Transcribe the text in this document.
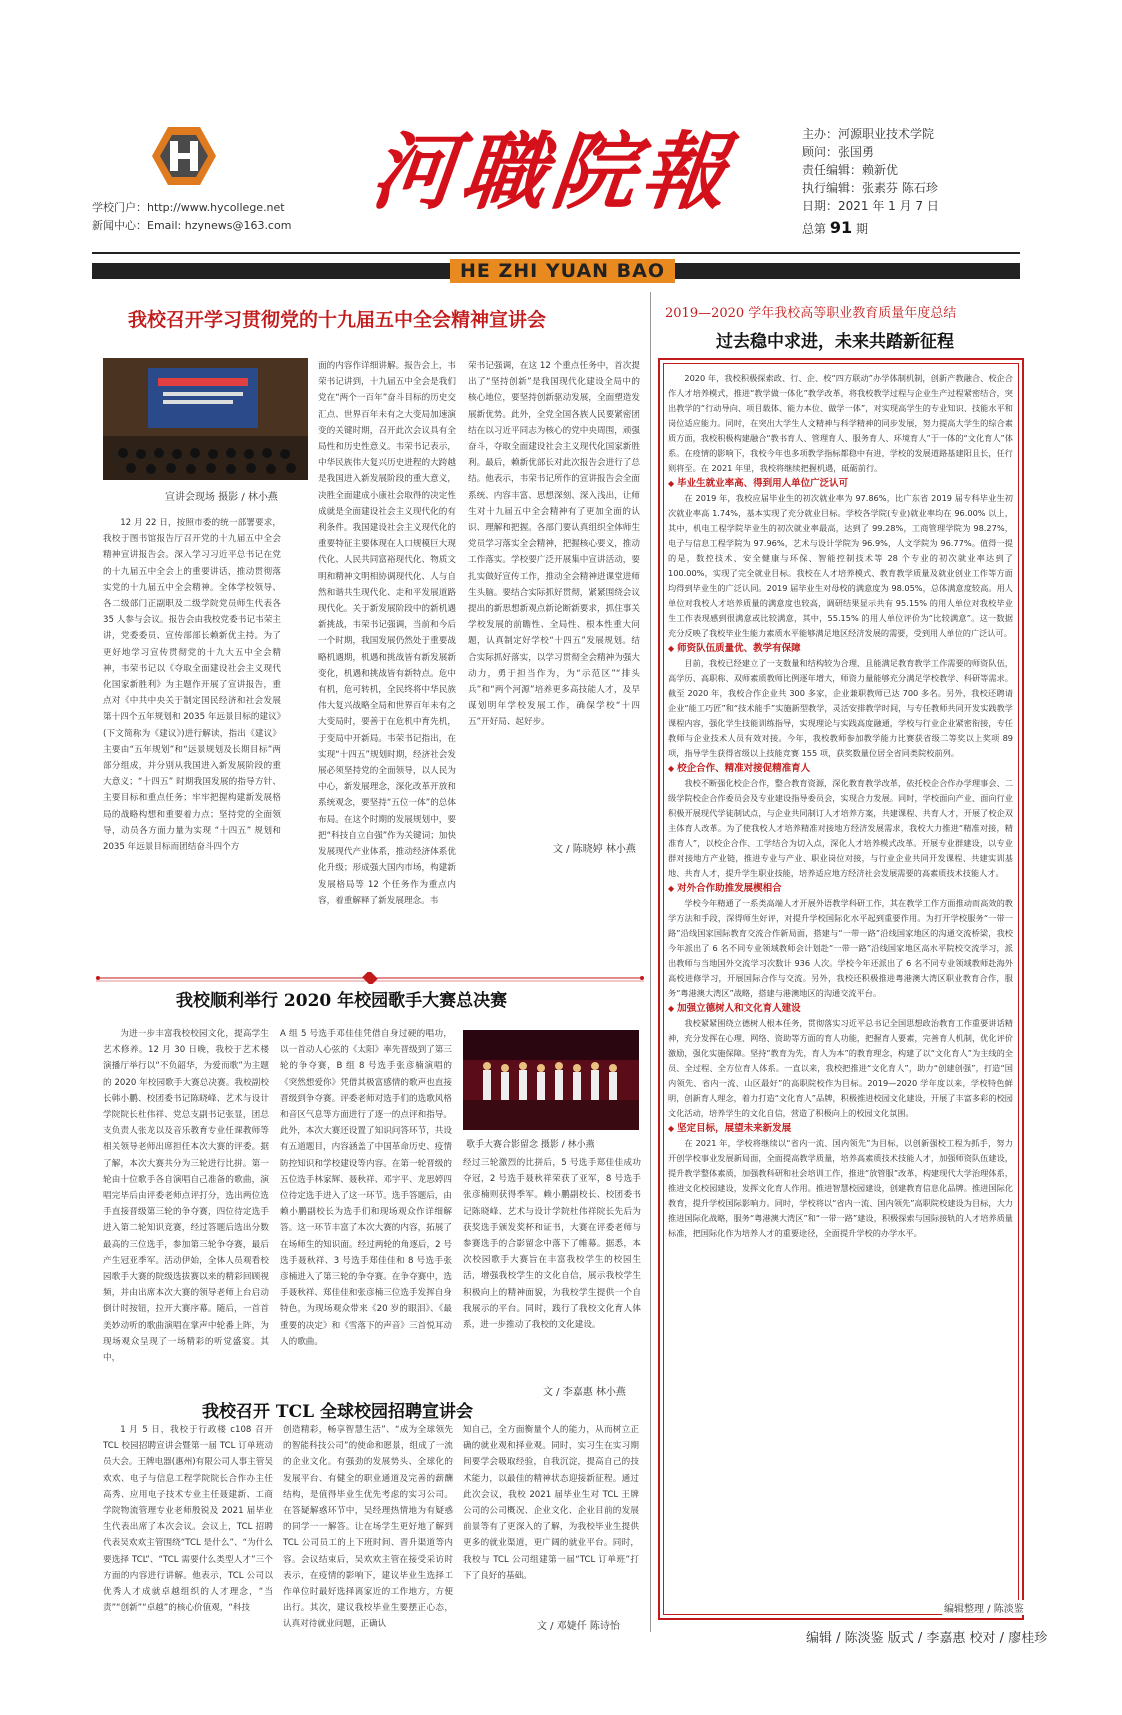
学校门户：http://www.hycollege.net
新闻中心：Email: hzynews@163.com
河職院報	主办：河源职业技术学院
顾问：张国勇
责任编辑：赖新优
执行编辑：张素芬 陈石珍
日期：2021 年 1 月 7 日
总第 91 期
HE ZHI YUAN BAO
我校召开学习贯彻党的十九届五中全会精神宣讲会
宣讲会现场 摄影 / 林小燕

12 月 22 日，按照市委的统一部署要求，我校于图书馆报告厅召开党的十九届五中全会精神宣讲报告会。深入学习习近平总书记在党的十九届五中全会上的重要讲话，推动贯彻落实党的十九届五中全会精神。全体学校领导、各二级部门正副职及二级学院党员师生代表各 35 人参与会议。报告会由我校党委书记韦荣主讲，党委委员、宣传部部长赖新优主持。为了更好地学习宣传贯彻党的十九大五中全会精神，韦荣书记以《夺取全面建设社会主义现代化国家新胜利》为主题作开展了宣讲报告，重点对《中共中央关于制定国民经济和社会发展第十四个五年规划和 2035 年远景目标的建议》(下文简称为《建议》)进行解读，指出《建议》主要由“五年规划”和“远景规划及长期目标”两部分组成，并分别从我国进入新发展阶段的重大意义；“十四五” 时期我国发展的指导方针、主要目标和重点任务；牢牢把握构建新发展格局的战略构想和重要着力点；坚持党的全面领导，动员各方面力量为实现 “十四五” 规划和 2035 年远景目标而团结奋斗四个方

面的内容作详细讲解。报告会上，韦荣书记讲到，十九届五中全会是我们党在“两个一百年”奋斗目标的历史交汇点、世界百年未有之大变局加速演变的关键时期，召开此次会议具有全局性和历史性意义。韦荣书记表示，中华民族伟大复兴历史进程的大跨越是我国进入新发展阶段的重大意义，决胜全面建成小康社会取得的决定性成就是全面建设社会主义现代化的有利条件。我国建设社会主义现代化的重要特征主要体现在人口规模巨大现代化、人民共同富裕现代化、物质文明和精神文明相协调现代化、人与自然和谐共生现代化、走和平发展道路现代化。关于新发展阶段中的新机遇新挑战，韦荣书记强调，当前和今后一个时期，我国发展仍然处于重要战略机遇期，机遇和挑战皆有新发展新变化，机遇和挑战皆有新特点。危中有机，危可转机，全民终将中华民族伟大复兴战略全局和世界百年未有之大变局时，要善于在危机中育先机，于变局中开新局。韦荣书记指出，在实现“十四五”规划时期，经济社会发展必须坚持党的全面领导，以人民为中心，新发展理念，深化改革开放和系统观念，要坚持“五位一体”的总体布局。在这个时期的发展规划中，要把“科技自立自强”作为关键词；加快发展现代产业体系，推动经济体系优化升级；形成强大国内市场，构建新发展格局等 12 个任务作为重点内容，着重解释了新发展理念。韦

荣书记强调，在这 12 个重点任务中，首次提出了“坚持创新”是我国现代化建设全局中的核心地位，要坚持创新驱动发展，全面塑造发展新优势。此外，全党全国各族人民要紧密团结在以习近平同志为核心的党中央周围，顽强奋斗，夺取全面建设社会主义现代化国家新胜利。最后，赖新优部长对此次报告会进行了总结。他表示，韦荣书记所作的宣讲报告会全面系统、内容丰富、思想深刻、深入浅出，让师生对十九届五中全会精神有了更加全面的认识、理解和把握。各部门要认真组织全体师生党员学习落实全会精神，把握核心要义，推动工作落实。学校要广泛开展集中宣讲活动，要扎实做好宣传工作，推动全会精神进课堂进师生头脑。要结合实际抓好贯彻，紧紧围绕会议提出的新思想新观点新论断新要求，抓住事关学校发展的前瞻性、全局性、根本性重大问题，认真制定好学校“十四五”发展规划。结合实际抓好落实，以学习贯彻全会精神为强大动力，勇于担当作为，为“示范区”“排头兵”和“两个河源”培养更多高技能人才，及早谋划明年学校发展工作，确保学校“十四五”开好局、起好步。

文 / 陈晓婷 林小燕
我校顺利举行 2020 年校园歌手大赛总决赛

为进一步丰富我校校园文化，提高学生艺术修养。12 月 30 日晚，我校于艺术楼演播厅举行以“不负韶华，为爱而歌”为主题的 2020 年校园歌手大赛总决赛。我校副校长韩小鹏、校团委书记陈晓峰、艺术与设计学院院长杜伟祥、党总支副书记张显，团总支负责人张龙以及音乐教育专业任课教师等相关领导老师出席担任本次大赛的评委。据了解，本次大赛共分为三轮进行比拼。第一轮由十位歌手各自演唱自己准备的歌曲，演唱完毕后由评委老师点评打分，选出两位选手直接晋级第三轮的争夺赛，四位待定选手进入第二轮知识竞赛，经过答题后选出分数最高的三位选手，参加第三轮争夺赛，最后产生冠亚季军。活动伊始，全体人员观看校园歌手大赛的院级选拔赛以来的精彩回顾视频，并由出席本次大赛的领导老师上台启动倒计时按钮，拉开大赛序幕。随后，一首首美妙动听的歌曲演唱在掌声中轮番上阵，为现场观众呈现了一场精彩的听觉盛宴。其中，

A 组 5 号选手邓佳佳凭借自身过硬的唱功，以一首动人心弦的《太阳》率先晋级到了第三轮的争夺赛，B 组 8 号选手张彦楠演唱的《突然想爱你》凭借其极富感情的歌声也直接晋级到争夺赛。评委老师对选手们的选歌风格和音区气息等方面进行了逐一的点评和指导。此外，本次大赛还设置了知识问答环节，共设有五道题目，内容涵盖了中国革命历史、疫情防控知识和学校建设等内容。在第一轮晋级的五位选手林家辉、聂秋祥、邓宇平、龙思婷四位待定选手进入了这一环节。选手答题后，由赖小鹏副校长为选手们和现场观众作详细解答。这一环节丰富了本次大赛的内容，拓展了在场师生的知识面。经过两轮的角逐后，2 号选手聂秋祥、3 号选手郑佳佳和 8 号选手张彦楠进入了第三轮的争夺赛。在争夺赛中，选手聂秋祥、郑佳佳和张彦楠三位选手发挥自身特色，为现场观众带来《20 岁的眼泪》、《最重要的决定》和《雪落下的声音》三首悦耳动人的歌曲。

歌手大赛合影留念 摄影 / 林小燕

经过三轮激烈的比拼后，5 号选手郑佳佳成功夺冠，2 号选手聂秋祥荣获了亚军，8 号选手张彦楠则获得季军。赖小鹏副校长、校团委书记陈晓峰、艺术与设计学院杜伟祥院长先后为获奖选手颁发奖杯和证书，大赛在评委老师与参赛选手的合影留念中落下了帷幕。据悉，本次校园歌手大赛旨在丰富我校学生的校园生活，增强我校学生的文化自信，展示我校学生积极向上的精神面貌，为我校学生提供一个自我展示的平台。同时，践行了我校文化育人体系，进一步推动了我校的文化建设。

文 / 李嘉惠 林小燕
我校召开 TCL 全球校园招聘宣讲会

1 月 5 日，我校于行政楼 c108 召开 TCL 校园招聘宣讲会暨第一届 TCL 订单班动员大会。王牌电器(惠州)有限公司人事主管吴欢欢、电子与信息工程学院院长合作办主任高秀、应用电子技术专业主任聂建新、工商学院物流管理专业老师殷锐及 2021 届毕业生代表出席了本次会议。会议上，TCL 招聘代表吴欢欢主管围绕“TCL 是什么”、“为什么要选择 TCL”、“TCL 需要什么类型人才”三个方面的内容进行讲解。他表示，TCL 公司以优秀人才成就卓越组织的人才理念，“当责”“创新”“卓越”的核心价值观，“科技

创造精彩，畅享智慧生活”、“成为全球领先的智能科技公司”的使命和愿景，组成了一流的企业文化。有强劲的发展势头、全球化的发展平台、有健全的职业通道及完善的薪酬结构，是值得毕业生优先考虑的实习公司。在答疑解惑环节中，吴经理热情地为有疑惑的同学一一解答。让在场学生更好地了解到 TCL 公司员工的上下班时间、晋升渠道等内容。会议结束后，吴欢欢主管在接受采访时表示，在疫情的影响下，建议毕业生选择工作单位时最好选择离家近的工作地方，方便出行。其次，建议我校毕业生要摆正心态，认真对待就业问题，正确认

知自己，全方面衡量个人的能力，从而树立正确的就业观和择业观。同时，实习生在实习期间要学会吸取经验，自我沉淀，提高自己的技术能力，以最佳的精神状态迎接新征程。通过此次会议，我校 2021 届毕业生对 TCL 王牌公司的公司概况、企业文化、企业目前的发展前景等有了更深入的了解，为我校毕业生提供更多的就业渠道，更广阔的就业平台。同时，我校与 TCL 公司组建第一届“TCL 订单班”打下了良好的基础。

文 / 邓婕仟 陈诗怡
2019—2020 学年我校高等职业教育质量年度总结
过去稳中求进，未来共踏新征程

2020 年，我校积极探索政、行、企、校“四方联动”办学体制机制，创新产教融合、校企合作人才培养模式，推进“教学做一体化”教学改革，将我校教学过程与企业生产过程紧密结合，突出教学的“行动导向、项目载体、能力本位、做学一体”，对实现高学生的专业知识、技能水平和岗位适应能力。同时，在突出大学生人文精神与科学精神的同步发展，努力提高大学生的综合素质方面，我校积极构建融合“教书育人、管理育人、服务育人、环境育人”于一体的“文化育人”体系。在疫情的影响下，我校今年也多项教学指标都稳中有进，学校的发展道路基建阳且长，任行则将至。在 2021 年里，我校将继续把握机遇，砥砺前行。

◆ 毕业生就业率高、得到用人单位广泛认可

在 2019 年，我校应届毕业生的初次就业率为 97.86%，比广东省 2019 届专科毕业生初次就业率高 1.74%，基本实现了充分就业目标。学校各学院(专业)就业率均在 96.00% 以上，其中，机电工程学院毕业生的初次就业率最高，达到了 99.28%，工商管理学院为 98.27%，电子与信息工程学院为 97.96%，艺术与设计学院为 96.9%，人文学院为 96.77%。值得一提的是，数控技术、安全健康与环保、智能控制技术等 28 个专业的初次就业率达到了 100.00%，实现了完全就业目标。我校在人才培养模式、教育教学质量及就业创业工作等方面均得到毕业生的广泛认同。2019 届毕业生对母校的满意度为 98.05%，总体满意度较高。用人单位对我校人才培养质量的满意度也较高，调研结果显示共有 95.15% 的用人单位对我校毕业生工作表现感到很满意或比较满意，其中，55.15% 的用人单位评价为“比较满意”。这一数据充分反映了我校毕业生能力素质水平能够满足地区经济发展的需要，受到用人单位的广泛认可。

◆ 师资队伍质量优、教学有保障

目前，我校已经建立了一支数量和结构较为合理、且能满足教育教学工作需要的师资队伍，高学历、高职称、双师素质教师比例逐年增大，师资力量能够充分满足学校教学、科研等需求。截至 2020 年，我校合作企业共 300 多家，企业兼职教师已达 700 多名。另外，我校还聘请企业“能工巧匠”和“技术能手”实施新型教学，灵活安排教学时间，与专任教师共同开发实践教学课程内容，强化学生技能训练指导，实现理论与实践高度融通，学校与行业企业紧密衔接，专任教师与企业技术人员有效对接。今年，我校教师参加教学能力比赛获省级二等奖以上奖项 89 项，指导学生获得省级以上技能竞赛 155 项，获奖数量位居全省同类院校前列。

◆ 校企合作、精准对接促精准育人

我校不断强化校企合作，整合教育资源，深化教育教学改革，依托校企合作办学理事会、二级学院校企合作委员会及专业建设指导委员会，实现合力发展。同时，学校面向产业、面向行业积极开展现代学徒制试点，与企业共同制订人才培养方案，共建课程、共育人才，开展了校企双主体育人改革。为了使我校人才培养精准对接地方经济发展需求，我校大力推进“精准对接，精准育人”，以校企合作、工学结合为切入点，深化人才培养模式改革。开展专业群建设，以专业群对接地方产业链，推进专业与产业、职业岗位对接，与行业企业共同开发课程、共建实训基地、共育人才，提升学生职业技能，培养适应地方经济社会发展需要的高素质技术技能人才。

◆ 对外合作助推发展楔相合

学校今年精通了一系类高端人才开展外语教学科研工作，其在教学工作方面推动而高效的教学方法和手段，深得师生好评，对提升学校国际化水平起到重要作用。为打开学校服务“一带一路”沿线国家国际教育交流合作新局面，搭建与“一带一路”沿线国家地区的沟通交流桥梁，我校今年派出了 6 名不同专业领域教师会计划赴“一带一路”沿线国家地区高水平院校交流学习，派出教师与当地国外交流学习次数计 936 人次。学校今年还派出了 6 名不同专业领域教师赴海外高校进修学习，开展国际合作与交流。另外，我校还积极推进粤港澳大湾区职业教育合作，服务“粤港澳大湾区”战略，搭建与港澳地区的沟通交流平台。

◆ 加强立德树人和文化育人建设

我校紧紧围绕立德树人根本任务，贯彻落实习近平总书记全国思想政治教育工作重要讲话精神，充分发挥在心理、网络、资助等方面的育人功能，把握育人要素，完善育人机制，优化评价激励，强化实施保障。坚持“教育为先，育人为本”的教育理念，构建了以“文化育人”为主线的全员、全过程、全方位育人体系。一直以来，我校把推进“文化育人”，助力“创建创强”，打造“国内领先、省内一流、山区最好”的高职院校作为目标。2019—2020 学年度以来，学校特色鲜明，创新育人理念，着力打造“文化育人”品牌，积极推进校园文化建设，开展了丰富多彩的校园文化活动，培养学生的文化自信，营造了积极向上的校园文化氛围。

◆ 坚定目标，展望未来新发展

在 2021 年，学校将继续以“省内一流、国内领先”为目标，以创新强校工程为抓手，努力开创学校事业发展新局面，全面提高教学质量，培养高素质技术技能人才，加强师资队伍建设，提升教学整体素质，加强教科研和社会培训工作，推进“放管服”改革，构建现代大学治理体系，推进文化校园建设，发挥文化育人作用。推进智慧校园建设，创建教育信息化品牌。推进国际化教育，提升学校国际影响力。同时，学校将以“省内一流、国内领先”高职院校建设为目标，大力推进国际化战略，服务“粤港澳大湾区”和“一带一路”建设，积极探索与国际接轨的人才培养质量标准，把国际化作为培养人才的重要途径，全面提升学校的办学水平。

编辑整理 / 陈淡鉴
编辑 / 陈淡鉴 版式 / 李嘉惠 校对 / 廖桂珍
